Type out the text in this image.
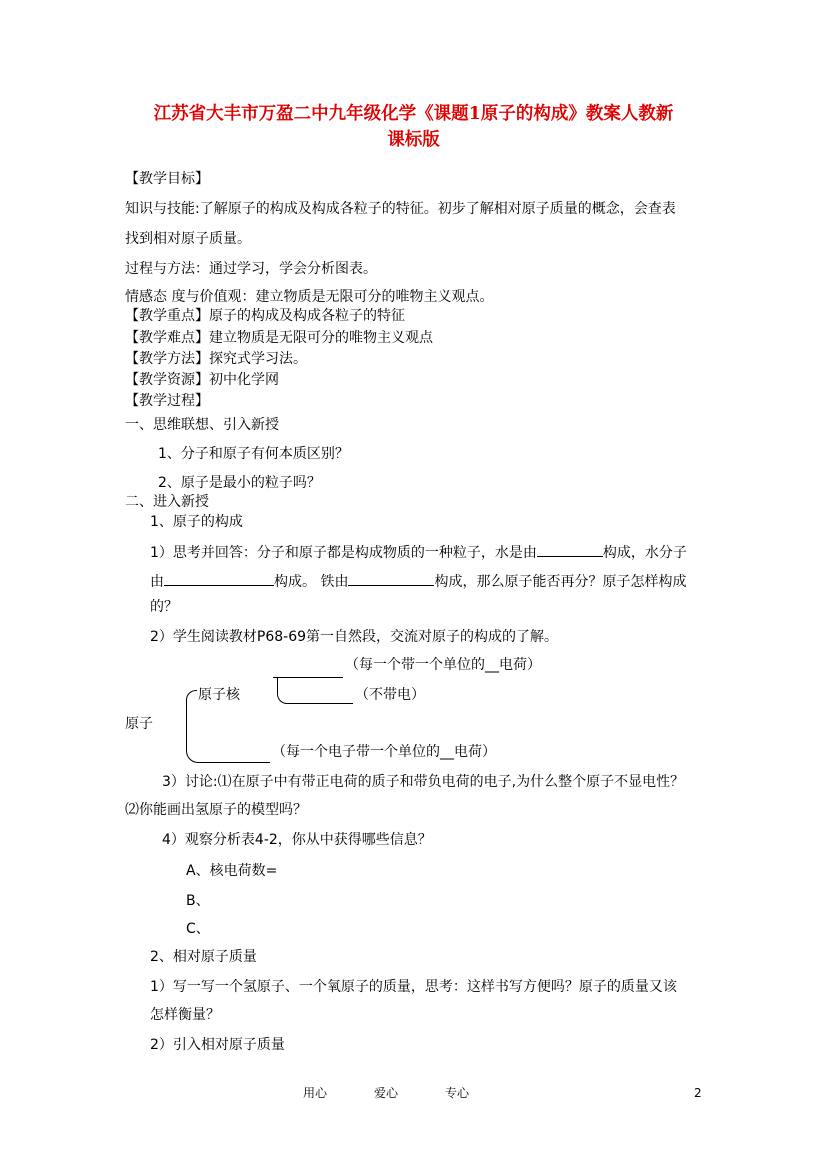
江苏省大丰市万盈二中九年级化学《课题1原子的构成》教案人教新
课标版
【教学目标】
知识与技能:了解原子的构成及构成各粒子的特征。初步了解相对原子质量的概念，会查表
找到相对原子质量。
过程与方法：通过学习，学会分析图表。
情感态 度与价值观：建立物质是无限可分的唯物主义观点。
【教学重点】原子的构成及构成各粒子的特征
【教学难点】建立物质是无限可分的唯物主义观点
【教学方法】探究式学习法。
【教学资源】初中化学网
【教学过程】
一、思维联想、引入新授
1、分子和原子有何本质区别？
2、原子是最小的粒子吗？
二、进入新授
1、原子的构成
1）思考并回答：分子和原子都是构成物质的一种粒子，水是由	构成，水分子
由	构成。 铁由	构成，那么原子能否再分？原子怎样构成
的？
2）学生阅读教材P68-69第一自然段，交流对原子的构成的了解。
（每一个带一个单位的__电荷）
（不带电）
原子核
原子
（每一个电子带一个单位的__电荷）
3）讨论:⑴在原子中有带正电荷的质子和带负电荷的电子,为什么整个原子不显电性？
⑵你能画出氢原子的模型吗？
4）观察分析表4-2，你从中获得哪些信息？
A、核电荷数=
B、
C、
2、相对原子质量
1）写一写一个氢原子、一个氧原子的质量，思考：这样书写方便吗？原子的质量又该
怎样衡量？
2）引入相对原子质量
用心	爱心	专心	2
